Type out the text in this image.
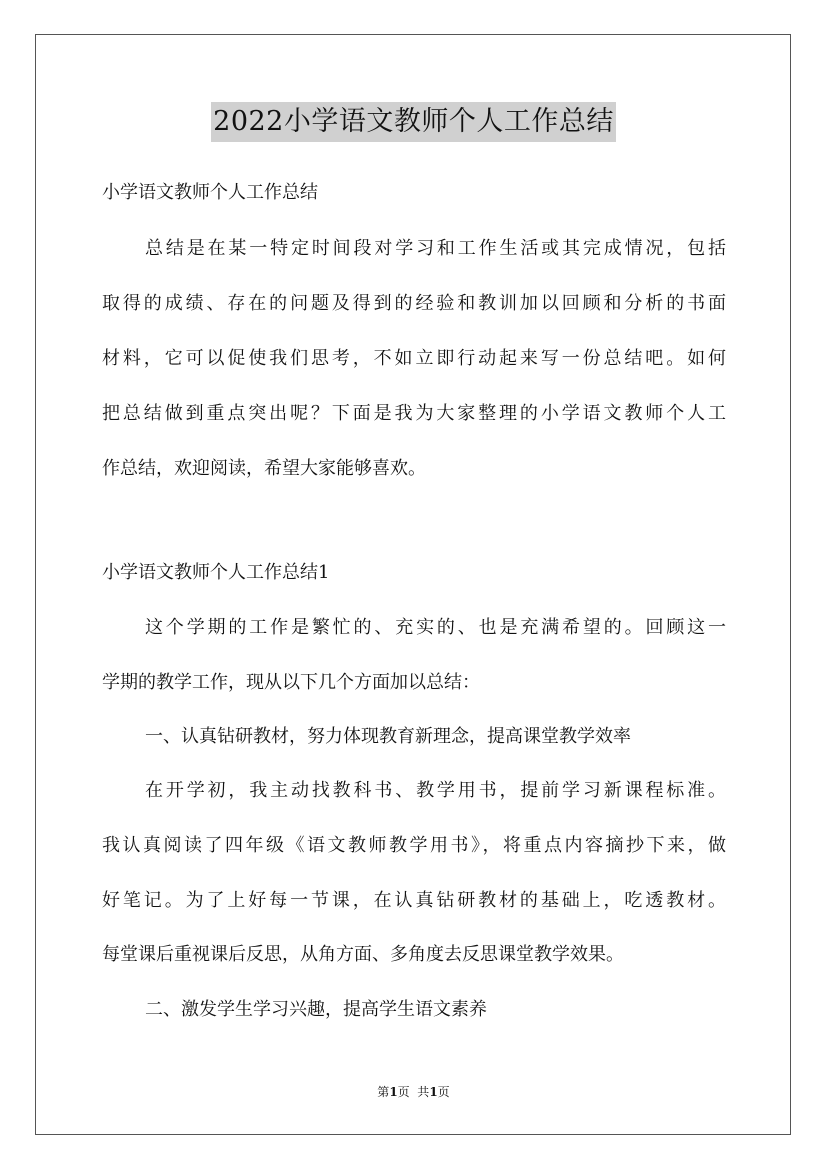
2022小学语文教师个人工作总结
小学语文教师个人工作总结
总结是在某一特定时间段对学习和工作生活或其完成情况，包括
取得的成绩、存在的问题及得到的经验和教训加以回顾和分析的书面
材料，它可以促使我们思考，不如立即行动起来写一份总结吧。如何
把总结做到重点突出呢？下面是我为大家整理的小学语文教师个人工
作总结，欢迎阅读，希望大家能够喜欢。
小学语文教师个人工作总结1
这个学期的工作是繁忙的、充实的、也是充满希望的。回顾这一
学期的教学工作，现从以下几个方面加以总结：
一、认真钻研教材，努力体现教育新理念，提高课堂教学效率
在开学初，我主动找教科书、教学用书，提前学习新课程标准。
我认真阅读了四年级《语文教师教学用书》，将重点内容摘抄下来，做
好笔记。为了上好每一节课，在认真钻研教材的基础上，吃透教材。
每堂课后重视课后反思，从角方面、多角度去反思课堂教学效果。
二、激发学生学习兴趣，提高学生语文素养
第1页  共1页
